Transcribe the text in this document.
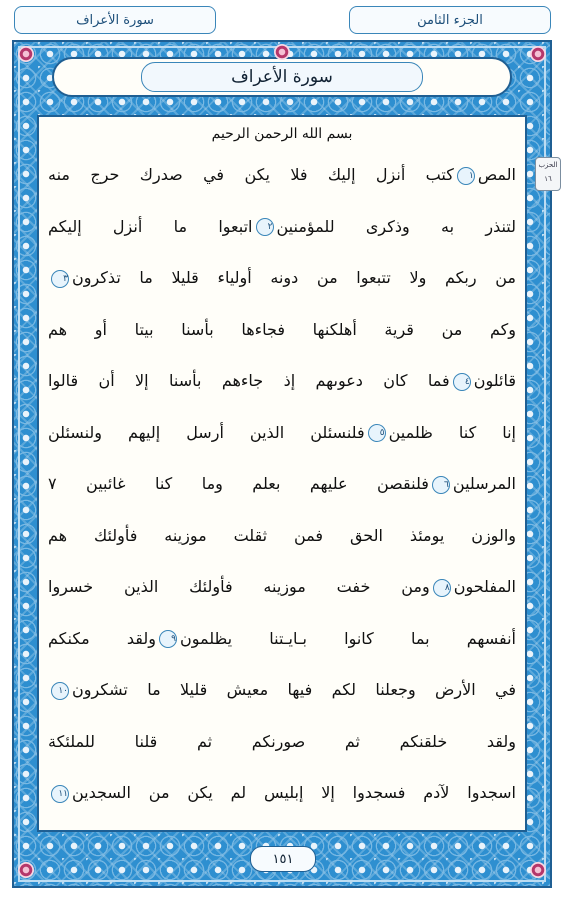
سورة الأعراف	الجزء الثامن
سورة الأعراف
بسم الله الرحمن الرحيم
الحزب ١٦
المص١كتب أنزل إليك فلا يكن في صدرك حرج منه
لتنذر به وذكرى للمؤمنين٢اتبعوا ما أنزل إليكم
من ربكم ولا تتبعوا من دونه أولياء قليلا ما تذكرون٣
وكم من قرية أهلكنها فجاءها بأسنا بيتا أو هم
قائلون٤فما كان دعوىهم إذ جاءهم بأسنا إلا أن قالوا
إنا كنا ظلمين٥فلنسئلن الذين أرسل إليهم ولنسئلن
المرسلين٦فلنقصن عليهم بعلم وما كنا غائبين ٧
والوزن يومئذ الحق فمن ثقلت موزينه فأولئك هم
المفلحون٨ومن خفت موزينه فأولئك الذين خسروا
أنفسهم بما كانوا بـايـتنا يظلمون٩ولقد مكنكم
في الأرض وجعلنا لكم فيها معيش قليلا ما تشكرون١٠
ولقد خلقنكم ثم صورنكم ثم قلنا للملئكة
اسجدوا لآدم فسجدوا إلا إبليس لم يكن من السجدين١١
١٥١
